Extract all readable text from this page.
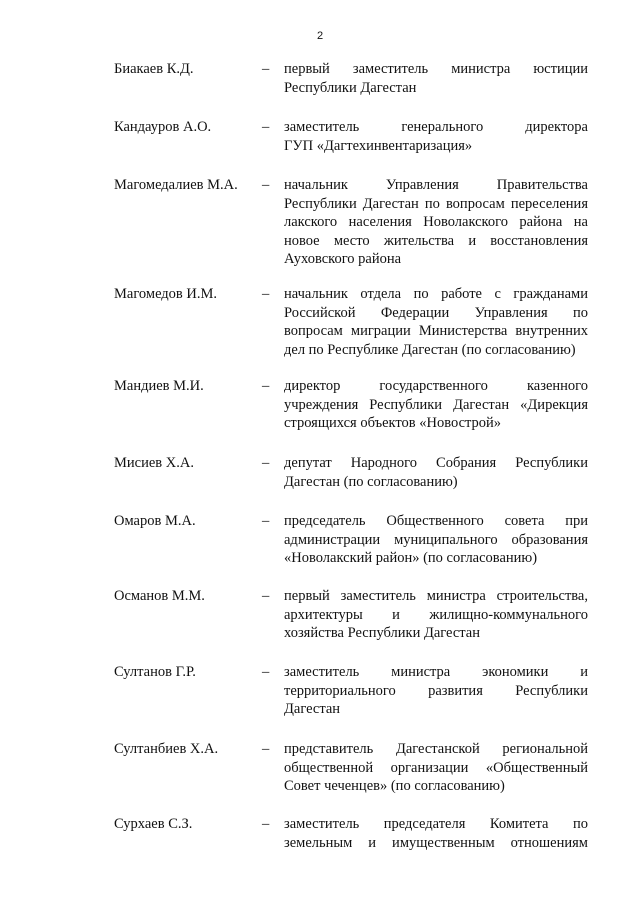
2
Биакаев К.Д.	– первый заместитель министра юстиции
Республики Дагестан
Кандауров А.О.	– заместитель генерального директора
ГУП «Дагтехинвентаризация»
Магомедалиев М.А. – начальник Управления Правительства
Республики Дагестан по вопросам переселения
лакского населения Новолакского района на
новое место жительства и восстановления
Ауховского района
Магомедов И.М.	– начальник отдела по работе с гражданами
Российской Федерации Управления по
вопросам миграции Министерства внутренних
дел по Республике Дагестан (по согласованию)
Мандиев М.И.	– директор государственного казенного
учреждения Республики Дагестан «Дирекция
строящихся объектов «Новострой»
Мисиев Х.А.	– депутат Народного Собрания Республики
Дагестан (по согласованию)
Омаров М.А.	– председатель Общественного совета при
администрации муниципального образования
«Новолакский район» (по согласованию)
Османов М.М.	– первый заместитель министра строительства,
архитектуры и жилищно-коммунального
хозяйства Республики Дагестан
Султанов Г.Р.	– заместитель министра экономики и
территориального развития Республики
Дагестан
Султанбиев Х.А.	– представитель Дагестанской региональной
общественной организации «Общественный
Совет чеченцев» (по согласованию)
Сурхаев С.З.	– заместитель председателя Комитета по
земельным и имущественным отношениям
